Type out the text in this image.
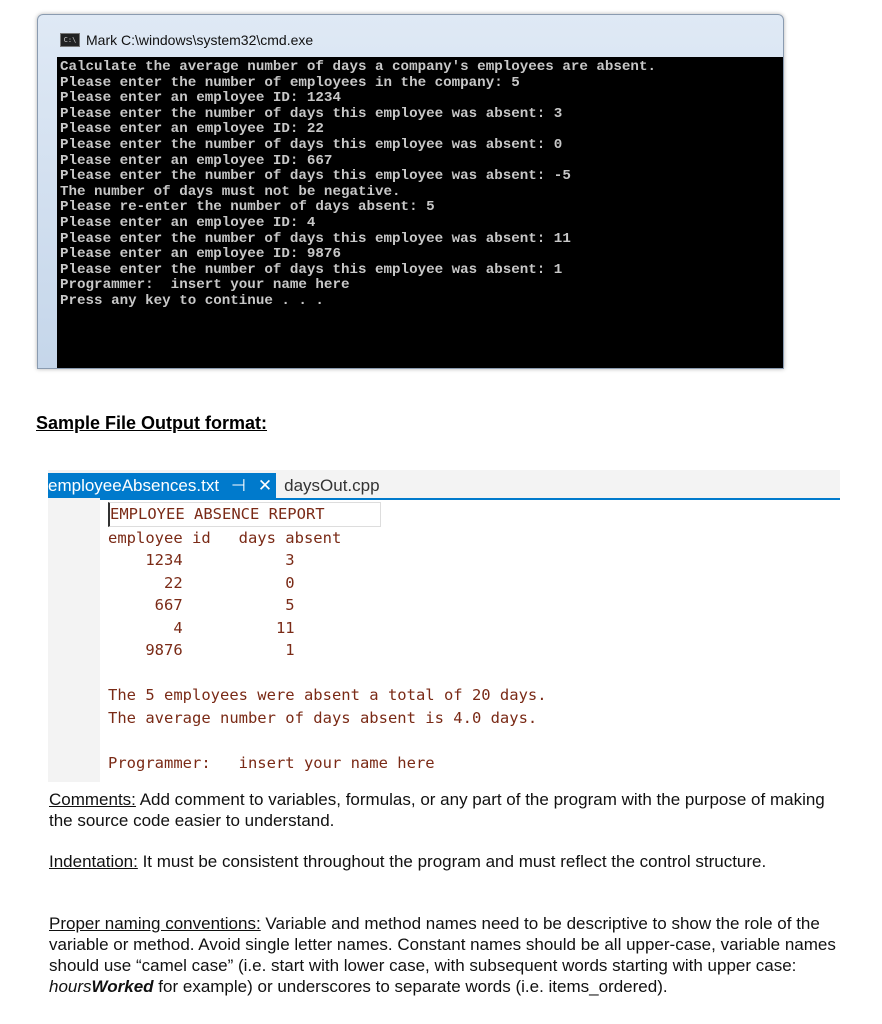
C:\ Mark C:\windows\system32\cmd.exe
Calculate the average number of days a company's employees are absent.
Please enter the number of employees in the company: 5
Please enter an employee ID: 1234
Please enter the number of days this employee was absent: 3
Please enter an employee ID: 22
Please enter the number of days this employee was absent: 0
Please enter an employee ID: 667
Please enter the number of days this employee was absent: -5
The number of days must not be negative.
Please re-enter the number of days absent: 5
Please enter an employee ID: 4
Please enter the number of days this employee was absent: 11
Please enter an employee ID: 9876
Please enter the number of days this employee was absent: 1
Programmer:  insert your name here
Press any key to continue . . .
Sample File Output format:
employeeAbsences.txt ⊣ ✕ daysOut.cpp
EMPLOYEE ABSENCE REPORT
employee id   days absent
1234           3
22           0
667           5
4          11
9876           1
The 5 employees were absent a total of 20 days.
The average number of days absent is 4.0 days.
Programmer:   insert your name here
Comments: Add comment to variables, formulas, or any part of the program with the purpose of making the source code easier to understand.
Indentation: It must be consistent throughout the program and must reflect the control structure.
Proper naming conventions: Variable and method names need to be descriptive to show the role of the variable or method. Avoid single letter names. Constant names should be all upper-case, variable names should use “camel case” (i.e. start with lower case, with subsequent words starting with upper case: hoursWorked for example) or underscores to separate words (i.e. items_ordered).
